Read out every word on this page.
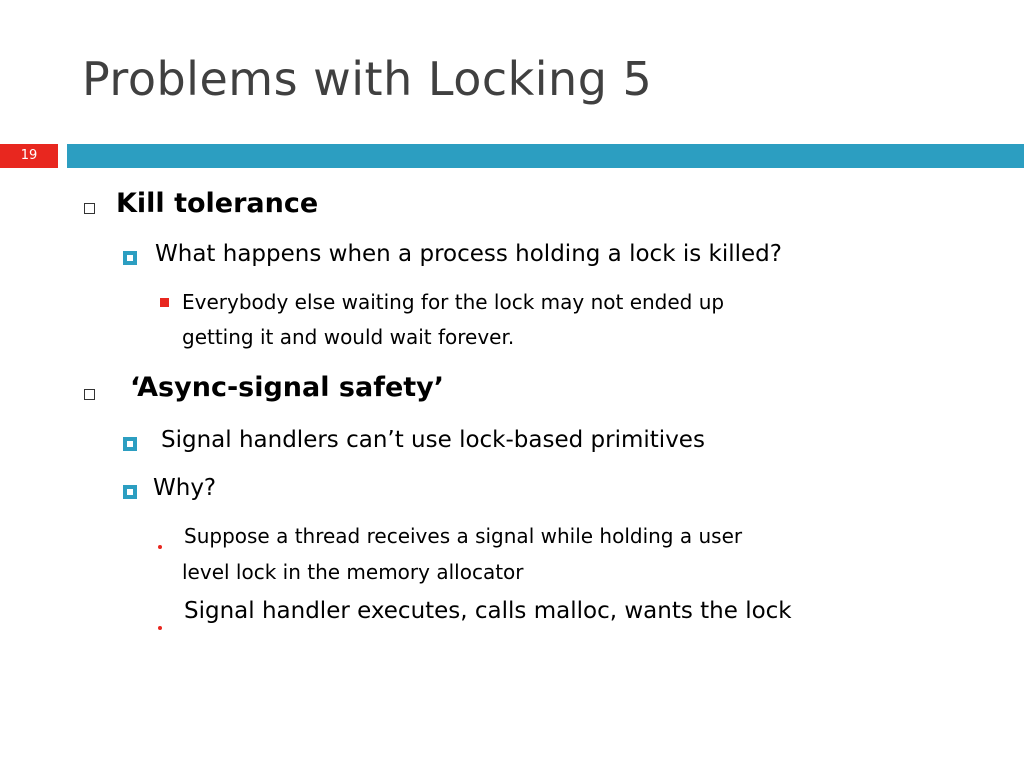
Problems with Locking 5
19
Kill tolerance
What happens when a process holding a lock is killed?
Everybody else waiting for the lock may not ended up
getting it and would wait forever.
‘Async-signal safety’
Signal handlers can’t use lock-based primitives
Why?
Suppose a thread receives a signal while holding a user
level lock in the memory allocator
Signal handler executes, calls malloc, wants the lock
